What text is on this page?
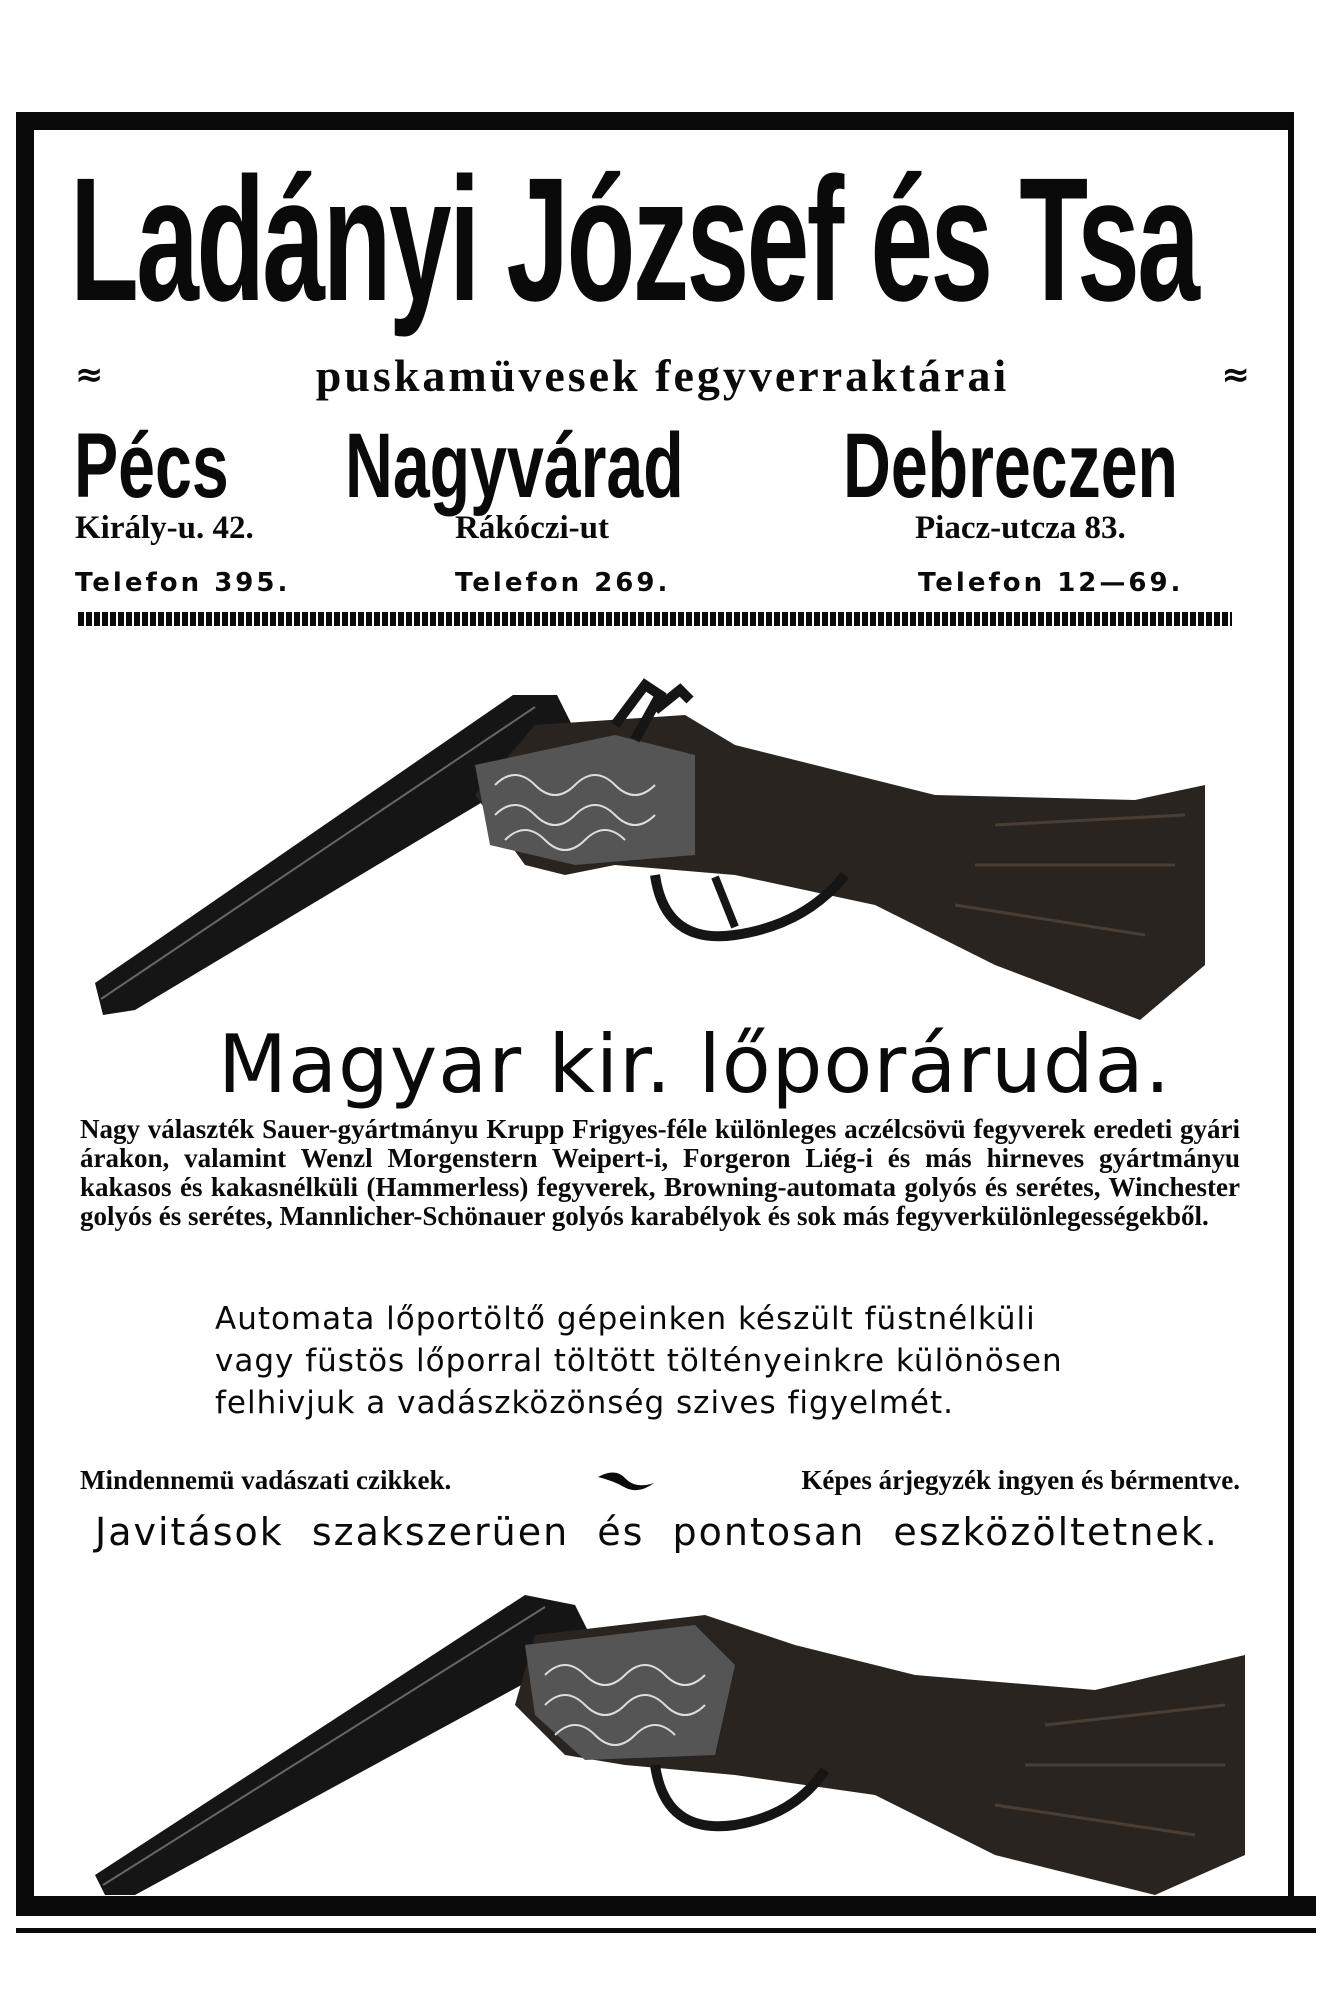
Ladányi József és Tsa
≈	puskamüvesek fegyverraktárai	≈
Pécs Nagyvárad Debreczen
Király-u. 42.	Rákóczi-ut	Piacz-utcza 83.
Telefon 395.	Telefon 269.	Telefon 12—69.
Magyar kir. lőporáruda.

Nagy választék Sauer-gyártmányu Krupp Frigyes-féle különleges aczélcsövü fegyverek eredeti gyári árakon, valamint Wenzl Morgenstern Weipert-i, Forgeron Liég-i és más hirneves gyártmányu kakasos és kakasnélküli (Hammerless) fegyverek, Browning-automata golyós és serétes, Winchester golyós és serétes, Mannlicher-Schönauer golyós karabélyok és sok más fegyverkülönlegességekből.

Automata lőportöltő gépeinken készült füstnélküli vagy füstös lőporral töltött töltényeinkre különösen felhivjuk a vadászközönség szives figyelmét.

Mindennemü vadászati czikkek.	Képes árjegyzék ingyen és bérmentve.

Javitások szakszerüen és pontosan eszközöltetnek.
